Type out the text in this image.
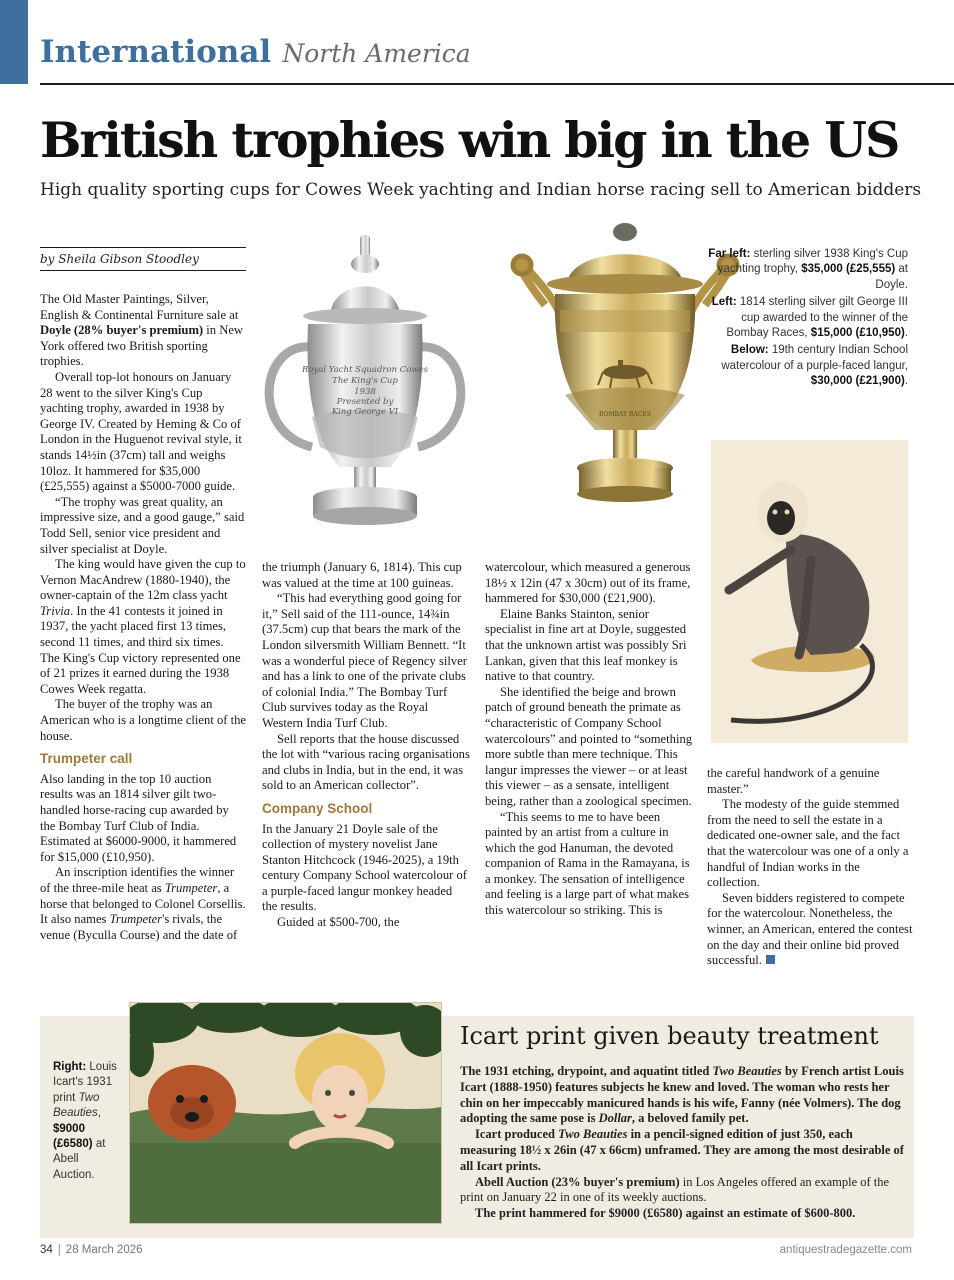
International North America
British trophies win big in the US
High quality sporting cups for Cowes Week yachting and Indian horse racing sell to American bidders
by Sheila Gibson Stoodley

The Old Master Paintings, Silver, English & Continental Furniture sale at Doyle (28% buyer's premium) in New York offered two British sporting trophies.

Overall top-lot honours on January 28 went to the silver King's Cup yachting trophy, awarded in 1938 by George IV. Created by Heming & Co of London in the Huguenot revival style, it stands 14½in (37cm) tall and weighs 10loz. It hammered for $35,000 (£25,555) against a $5000-7000 guide.

“The trophy was great quality, an impressive size, and a good gauge,” said Todd Sell, senior vice president and silver specialist at Doyle.

The king would have given the cup to Vernon MacAndrew (1880-1940), the owner-captain of the 12m class yacht Trivia. In the 41 contests it joined in 1937, the yacht placed first 13 times, second 11 times, and third six times. The King's Cup victory represented one of 21 prizes it earned during the 1938 Cowes Week regatta.

The buyer of the trophy was an American who is a longtime client of the house.

Trumpeter call

Also landing in the top 10 auction results was an 1814 silver gilt two-handled horse-racing cup awarded by the Bombay Turf Club of India. Estimated at $6000-9000, it hammered for $15,000 (£10,950).

An inscription identifies the winner of the three-mile heat as Trumpeter, a horse that belonged to Colonel Corsellis. It also names Trumpeter's rivals, the venue (Byculla Course) and the date of

Royal Yacht Squadron Cowes
The King's Cup
1938
Presented by
King George VI	BOMBAY RACES

Far left: sterling silver 1938 King's Cup yachting trophy, $35,000 (£25,555) at Doyle.

Left: 1814 sterling silver gilt George III cup awarded to the winner of the Bombay Races, $15,000 (£10,950).

Below: 19th century Indian School watercolour of a purple-faced langur, $30,000 (£21,900).

the triumph (January 6, 1814). This cup was valued at the time at 100 guineas.

“This had everything good going for it,” Sell said of the 111-ounce, 14¾in (37.5cm) cup that bears the mark of the London silversmith William Bennett. “It was a wonderful piece of Regency silver and has a link to one of the private clubs of colonial India.” The Bombay Turf Club survives today as the Royal Western India Turf Club.

Sell reports that the house discussed the lot with “various racing organisations and clubs in India, but in the end, it was sold to an American collector”.

Company School

In the January 21 Doyle sale of the collection of mystery novelist Jane Stanton Hitchcock (1946-2025), a 19th century Company School watercolour of a purple-faced langur monkey headed the results.

Guided at $500-700, the

watercolour, which measured a generous 18½ x 12in (47 x 30cm) out of its frame, hammered for $30,000 (£21,900).

Elaine Banks Stainton, senior specialist in fine art at Doyle, suggested that the unknown artist was possibly Sri Lankan, given that this leaf monkey is native to that country.

She identified the beige and brown patch of ground beneath the primate as “characteristic of Company School watercolours” and pointed to “something more subtle than mere technique. This langur impresses the viewer – or at least this viewer – as a sensate, intelligent being, rather than a zoological specimen.

“This seems to me to have been painted by an artist from a culture in which the god Hanuman, the devoted companion of Rama in the Ramayana, is a monkey. The sensation of intelligence and feeling is a large part of what makes this watercolour so striking. This is

the careful handwork of a genuine master.”

The modesty of the guide stemmed from the need to sell the estate in a dedicated one-owner sale, and the fact that the watercolour was one of a only a handful of Indian works in the collection.

Seven bidders registered to compete for the watercolour. Nonetheless, the winner, an American, entered the contest on the day and their online bid proved successful.

Right: Louis Icart's 1931 print Two Beauties, $9000 (£6580) at Abell Auction.
Icart print given beauty treatment

The 1931 etching, drypoint, and aquatint titled Two Beauties by French artist Louis Icart (1888-1950) features subjects he knew and loved. The woman who rests her chin on her impeccably manicured hands is his wife, Fanny (née Volmers). The dog adopting the same pose is Dollar, a beloved family pet.

Icart produced Two Beauties in a pencil-signed edition of just 350, each measuring 18½ x 26in (47 x 66cm) unframed. They are among the most desirable of all Icart prints.

Abell Auction (23% buyer's premium) in Los Angeles offered an example of the print on January 22 in one of its weekly auctions.

The print hammered for $9000 (£6580) against an estimate of $600-800.

34 | 28 March 2026	antiquestradegazette.com
